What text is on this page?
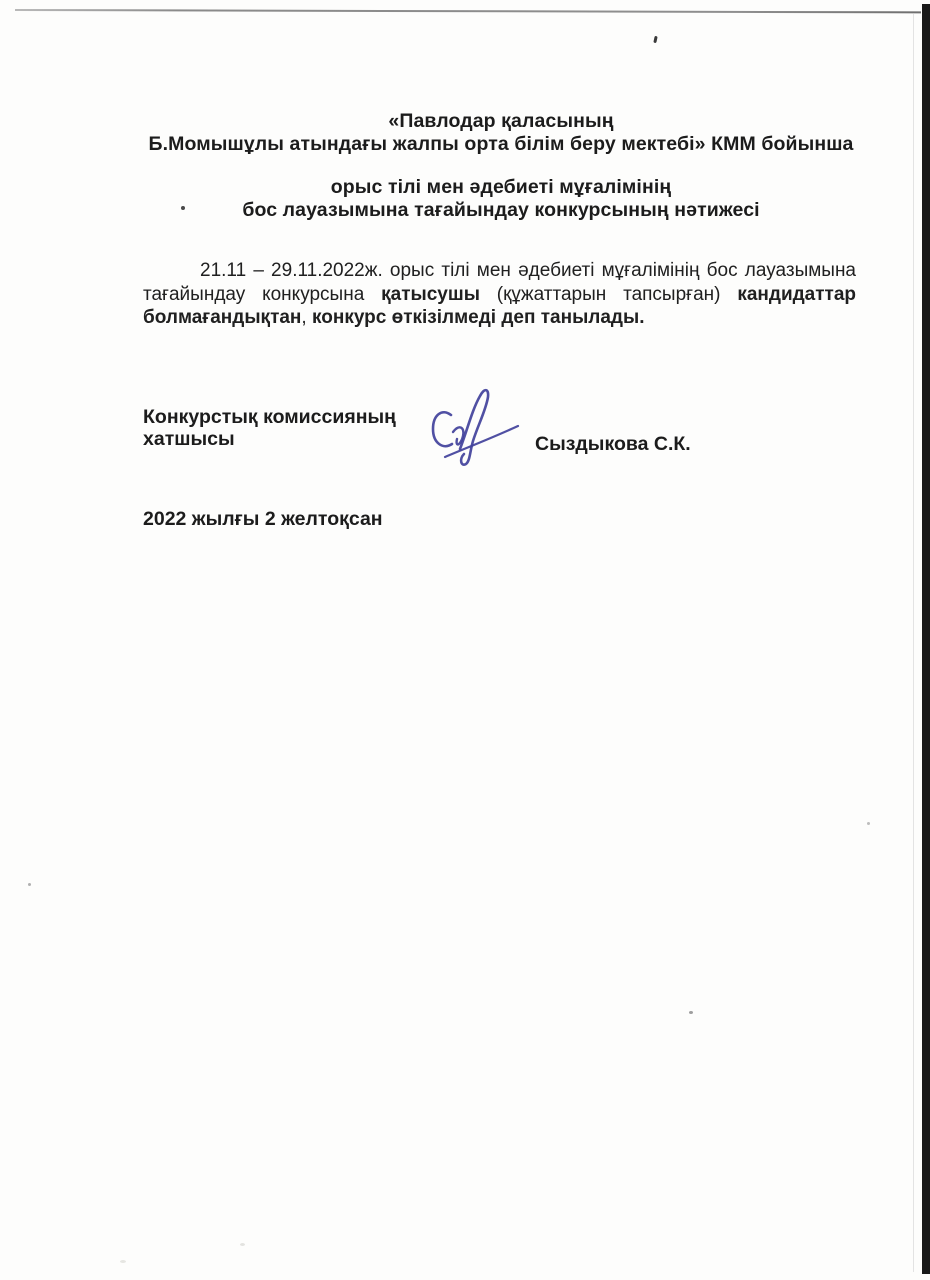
«Павлодар қаласының
Б.Момышұлы атындағы жалпы орта білім беру мектебі» КММ бойынша
орыс тілі мен әдебиеті мұғалімінің
бос лауазымына тағайындау конкурсының нәтижесі
21.11 – 29.11.2022ж. орыс тілі мен әдебиеті мұғалімінің бос лауазымына
тағайындау конкурсына қатысушы (құжаттарын тапсырған) кандидаттар
болмағандықтан, конкурс өткізілмеді деп танылады.
Конкурстық комиссияның
хатшысы	Сыздыкова С.К.
2022 жылғы 2 желтоқсан
